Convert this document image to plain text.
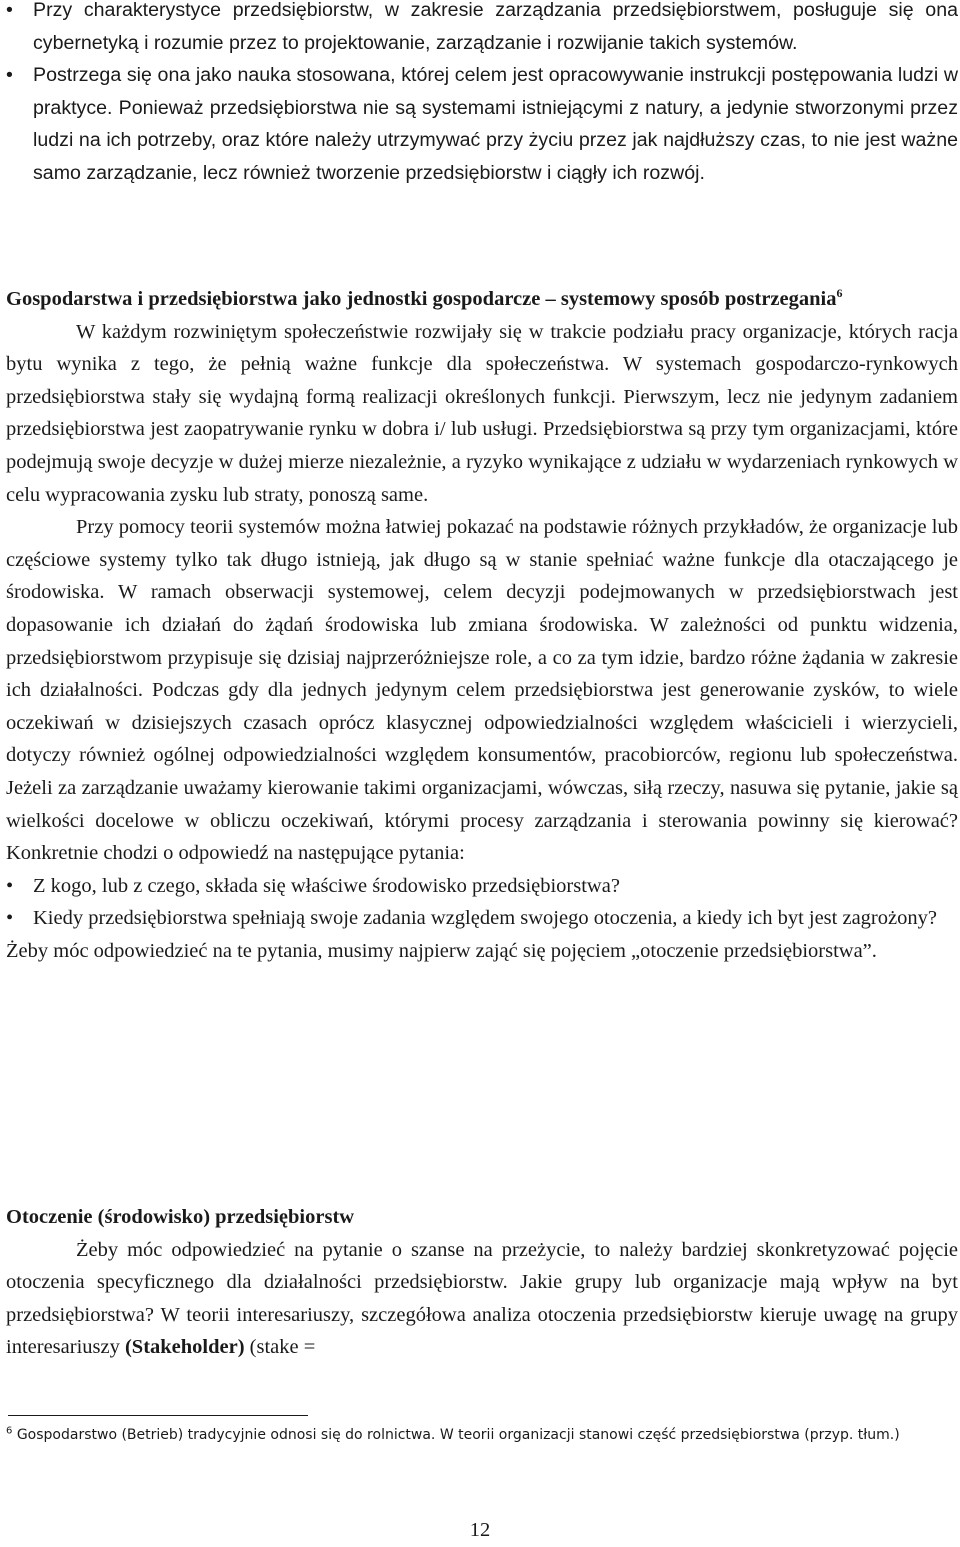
•	Przy charakterystyce przedsiębiorstw, w zakresie zarządzania przedsiębiorstwem, posługuje się ona cybernetyką i rozumie przez to projektowanie, zarządzanie i rozwijanie takich systemów.
•	Postrzega się ona jako nauka stosowana, której celem jest opracowywanie instrukcji postępowania ludzi w praktyce. Ponieważ przedsiębiorstwa nie są systemami istniejącymi z natury, a jedynie stworzonymi przez ludzi na ich potrzeby, oraz które należy utrzymywać przy życiu przez jak najdłuższy czas, to nie jest ważne samo zarządzanie, lecz również tworzenie przedsiębiorstw i ciągły ich rozwój.
Gospodarstwa i przedsiębiorstwa jako jednostki gospodarcze – systemowy sposób postrzegania$^6$

W każdym rozwiniętym społeczeństwie rozwijały się w trakcie podziału pracy organizacje, których racja bytu wynika z tego, że pełnią ważne funkcje dla społeczeństwa. W systemach gospodarczo-rynkowych przedsiębiorstwa stały się wydajną formą realizacji określonych funkcji. Pierwszym, lecz nie jedynym zadaniem przedsiębiorstwa jest zaopatrywanie rynku w dobra i/ lub usługi. Przedsiębiorstwa są przy tym organizacjami, które podejmują swoje decyzje w dużej mierze niezależnie, a ryzyko wynikające z udziału w wydarzeniach rynkowych w celu wypracowania zysku lub straty, ponoszą same.

Przy pomocy teorii systemów można łatwiej pokazać na podstawie różnych przykładów, że organizacje lub częściowe systemy tylko tak długo istnieją, jak długo są w stanie spełniać ważne funkcje dla otaczającego je środowiska. W ramach obserwacji systemowej, celem decyzji podejmowanych w przedsiębiorstwach jest dopasowanie ich działań do żądań środowiska lub zmiana środowiska. W zależności od punktu widzenia, przedsiębiorstwom przypisuje się dzisiaj najprzeróżniejsze role, a co za tym idzie, bardzo różne żądania w zakresie ich działalności. Podczas gdy dla jednych jedynym celem przedsiębiorstwa jest generowanie zysków, to wiele oczekiwań w dzisiejszych czasach oprócz klasycznej odpowiedzialności względem właścicieli i wierzycieli, dotyczy również ogólnej odpowiedzialności względem konsumentów, pracobiorców, regionu lub społeczeństwa. Jeżeli za zarządzanie uważamy kierowanie takimi organizacjami, wówczas, siłą rzeczy, nasuwa się pytanie, jakie są wielkości docelowe w obliczu oczekiwań, którymi procesy zarządzania i sterowania powinny się kierować? Konkretnie chodzi o odpowiedź na następujące pytania:

• Z kogo, lub z czego, składa się właściwe środowisko przedsiębiorstwa?
• Kiedy przedsiębiorstwa spełniają swoje zadania względem swojego otoczenia, a kiedy ich byt jest zagrożony?

Żeby móc odpowiedzieć na te pytania, musimy najpierw zająć się pojęciem „otoczenie przedsiębiorstwa”.

Otoczenie (środowisko) przedsiębiorstw

Żeby móc odpowiedzieć na pytanie o szanse na przeżycie, to należy bardziej skonkretyzować pojęcie otoczenia specyficznego dla działalności przedsiębiorstw. Jakie grupy lub organizacje mają wpływ na byt przedsiębiorstwa? W teorii interesariuszy, szczegółowa analiza otoczenia przedsiębiorstw kieruje uwagę na grupy interesariuszy (Stakeholder) (stake =

$^6$ Gospodarstwo (Betrieb) tradycyjnie odnosi się do rolnictwa. W teorii organizacji stanowi część przedsiębiorstwa (przyp. tłum.)
12
